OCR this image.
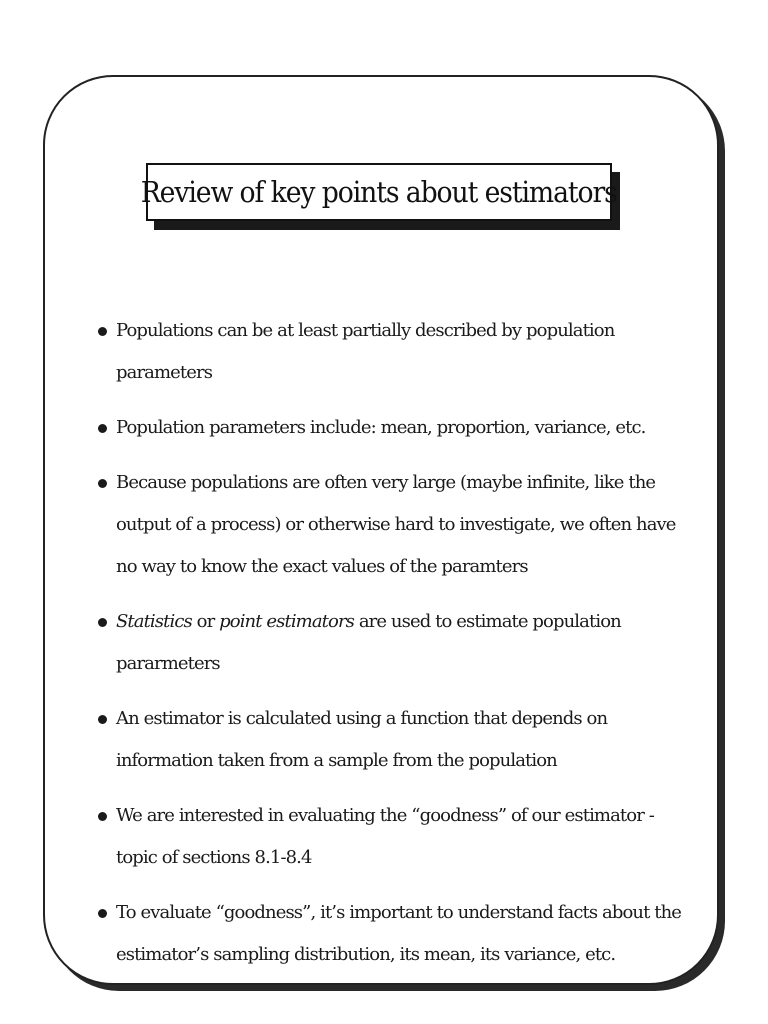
Review of key points about estimators
Populations can be at least partially described by population parameters
Population parameters include: mean, proportion, variance, etc.
Because populations are often very large (maybe infinite, like the output of a process) or otherwise hard to investigate, we often have no way to know the exact values of the paramters
Statistics or point estimators are used to estimate population pararmeters
An estimator is calculated using a function that depends on information taken from a sample from the population
We are interested in evaluating the “goodness” of our estimator - topic of sections 8.1-8.4
To evaluate “goodness”, it’s important to understand facts about the estimator’s sampling distribution, its mean, its variance, etc.
